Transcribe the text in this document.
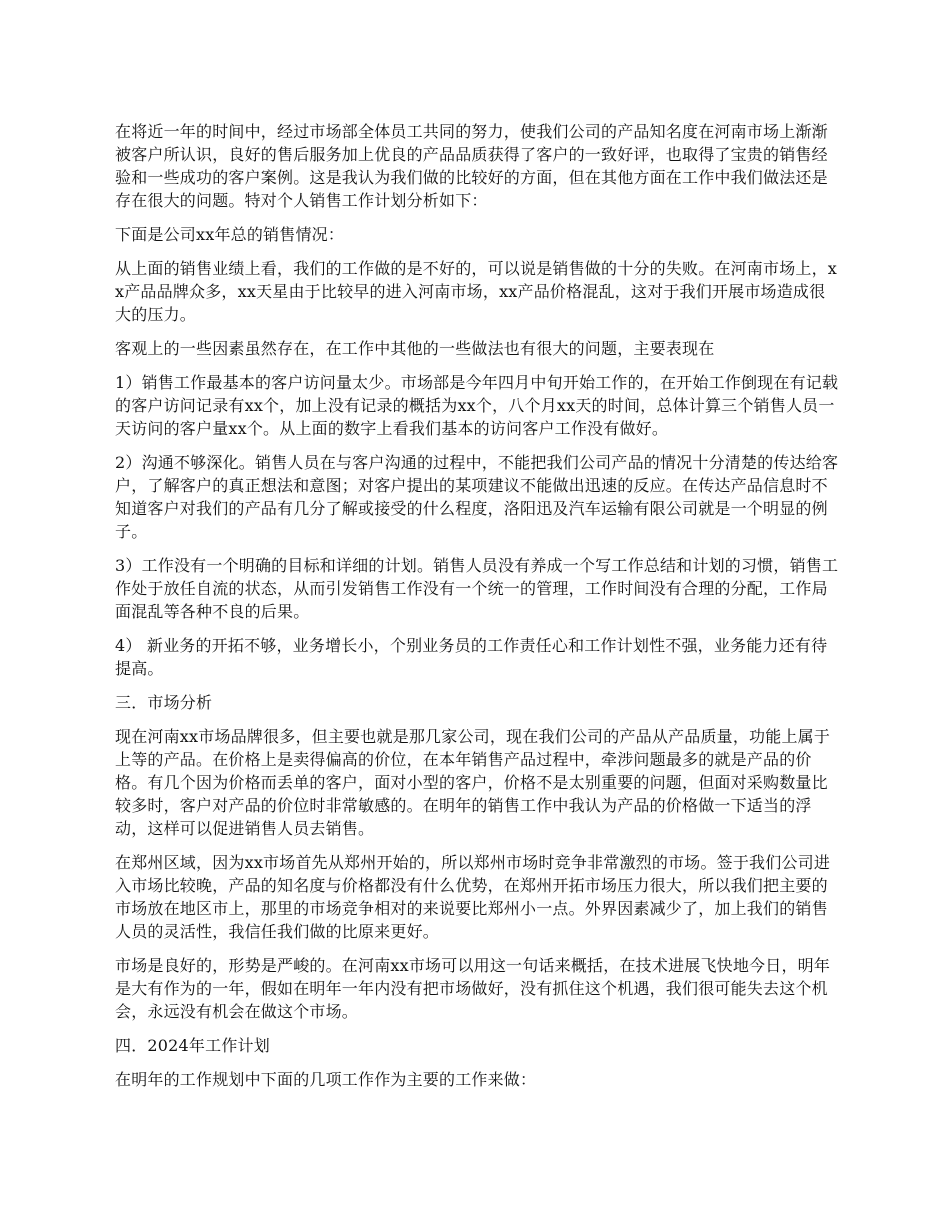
在将近一年的时间中，经过市场部全体员工共同的努力，使我们公司的产品知名度在河南市场上渐渐被客户所认识，良好的售后服务加上优良的产品品质获得了客户的一致好评，也取得了宝贵的销售经验和一些成功的客户案例。这是我认为我们做的比较好的方面，但在其他方面在工作中我们做法还是存在很大的问题。特对个人销售工作计划分析如下：

下面是公司xx年总的销售情况：

从上面的销售业绩上看，我们的工作做的是不好的，可以说是销售做的十分的失败。在河南市场上，xx产品品牌众多，xx天星由于比较早的进入河南市场，xx产品价格混乱，这对于我们开展市场造成很大的压力。

客观上的一些因素虽然存在，在工作中其他的一些做法也有很大的问题，主要表现在

1）销售工作最基本的客户访问量太少。市场部是今年四月中旬开始工作的，在开始工作倒现在有记载的客户访问记录有xx个，加上没有记录的概括为xx个，八个月xx天的时间，总体计算三个销售人员一天访问的客户量xx个。从上面的数字上看我们基本的访问客户工作没有做好。

2）沟通不够深化。销售人员在与客户沟通的过程中，不能把我们公司产品的情况十分清楚的传达给客户，了解客户的真正想法和意图；对客户提出的某项建议不能做出迅速的反应。在传达产品信息时不知道客户对我们的产品有几分了解或接受的什么程度，洛阳迅及汽车运输有限公司就是一个明显的例子。

3）工作没有一个明确的目标和详细的计划。销售人员没有养成一个写工作总结和计划的习惯，销售工作处于放任自流的状态，从而引发销售工作没有一个统一的管理，工作时间没有合理的分配，工作局面混乱等各种不良的后果。

4） 新业务的开拓不够，业务增长小，个别业务员的工作责任心和工作计划性不强，业务能力还有待提高。

三．市场分析

现在河南xx市场品牌很多，但主要也就是那几家公司，现在我们公司的产品从产品质量，功能上属于上等的产品。在价格上是卖得偏高的价位，在本年销售产品过程中，牵涉问题最多的就是产品的价格。有几个因为价格而丢单的客户，面对小型的客户，价格不是太别重要的问题，但面对采购数量比较多时，客户对产品的价位时非常敏感的。在明年的销售工作中我认为产品的价格做一下适当的浮动，这样可以促进销售人员去销售。

在郑州区域，因为xx市场首先从郑州开始的，所以郑州市场时竞争非常激烈的市场。签于我们公司进入市场比较晚，产品的知名度与价格都没有什么优势，在郑州开拓市场压力很大，所以我们把主要的市场放在地区市上，那里的市场竞争相对的来说要比郑州小一点。外界因素减少了，加上我们的销售人员的灵活性，我信任我们做的比原来更好。

市场是良好的，形势是严峻的。在河南xx市场可以用这一句话来概括，在技术进展飞快地今日，明年是大有作为的一年，假如在明年一年内没有把市场做好，没有抓住这个机遇，我们很可能失去这个机会，永远没有机会在做这个市场。

四．2024年工作计划

在明年的工作规划中下面的几项工作作为主要的工作来做：
